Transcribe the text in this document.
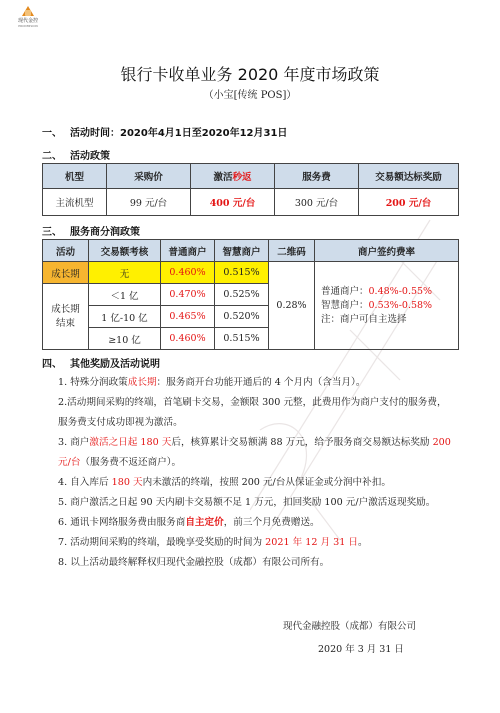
现代金控
PRODMISION
银行卡收单业务 2020 年度市场政策
（小宝[传统 POS]）
一、 活动时间：2020年4月1日至2020年12月31日
二、 活动政策
机型	采购价	激活秒返	服务费	交易额达标奖励
主流机型	99 元/台	400 元/台	300 元/台	200 元/台
三、 服务商分润政策
活动	交易额考核	普通商户	智慧商户	二维码	商户签约费率
成长期	无	0.460%	0.515%	0.28%	普通商户：0.48%-0.55%
智慧商户：0.53%-0.58%
注：商户可自主选择

成长期结束	＜1 亿	0.470%	0.525%		
	1 亿-10 亿	0.465%	0.520%		
	≥10 亿	0.460%	0.515%		
四、 其他奖励及活动说明
1. 特殊分润政策成长期：服务商开台功能开通后的 4 个月内（含当月）。
2.活动期间采购的终端，首笔刷卡交易，金额限 300 元整，此费用作为商户支付的服务费，服务费支付成功即视为激活。
3. 商户激活之日起 180 天后，核算累计交易额满 88 万元，给予服务商交易额达标奖励 200 元/台（服务费不返还商户）。
4. 自入库后 180 天内未激活的终端，按照 200 元/台从保证金或分润中补扣。
5. 商户激活之日起 90 天内刷卡交易额不足 1 万元，扣回奖励 100 元/户激活返现奖励。
6. 通讯卡网络服务费由服务商自主定价，前三个月免费赠送。
7. 活动期间采购的终端，最晚享受奖励的时间为 2021 年 12 月 31 日。
8. 以上活动最终解释权归现代金融控股（成都）有限公司所有。
现代金融控股（成都）有限公司
2020 年 3 月 31 日
